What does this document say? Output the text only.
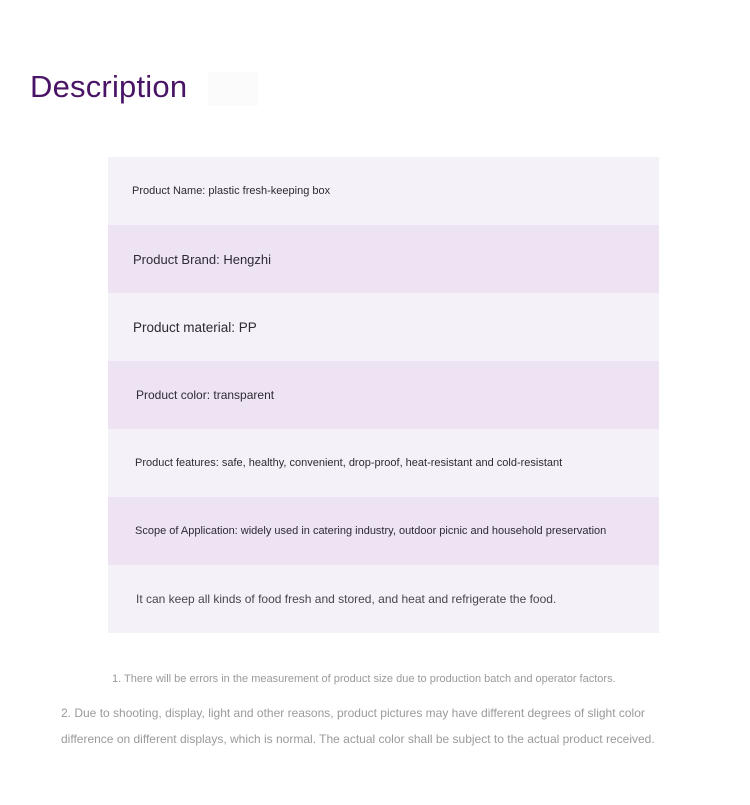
Description
Product Name: plastic fresh-keeping box
Product Brand: Hengzhi
Product material: PP
Product color: transparent
Product features: safe, healthy, convenient, drop-proof, heat-resistant and cold-resistant
Scope of Application: widely used in catering industry, outdoor picnic and household preservation
It can keep all kinds of food fresh and stored, and heat and refrigerate the food.
1. There will be errors in the measurement of product size due to production batch and operator factors.
2. Due to shooting, display, light and other reasons, product pictures may have different degrees of slight color difference on different displays, which is normal. The actual color shall be subject to the actual product received.
